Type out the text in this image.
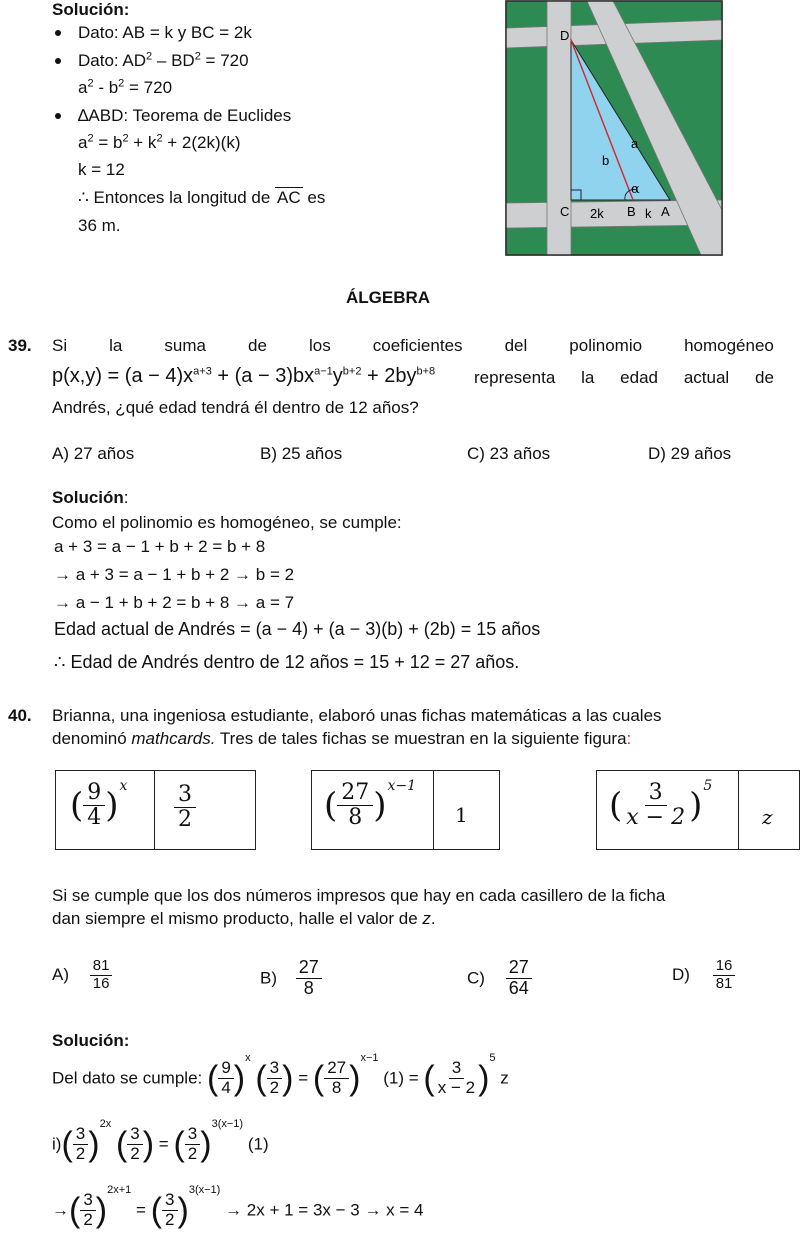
Solución:
Dato: AB = k y BC = 2k
Dato: $AD^2 - BD^2 = 720$
$a^2 - b^2 = 720$
∆ABD: Teorema de Euclides
$a^2 = b^2 + k^2 + 2(2k)(k)$
k = 12
∴ Entonces la longitud de AC es
36 m.
D
a
b
α
C 2k B k A
ÁLGEBRA
39. Si la suma de los coeficientes del polinomio homogéneo
$p(x,y) = (a - 4)x^{a+3} + (a - 3)bx^{a-1}y^{b+2} + 2by^{b+8}$ representa la edad actual de
Andrés, ¿qué edad tendrá él dentro de 12 años?
A) 27 años	B) 25 años	C) 23 años	D) 29 años
Solución:
Como el polinomio es homogéneo, se cumple:
a + 3 = a − 1 + b + 2 = b + 8
→ a + 3 = a − 1 + b + 2 → b = 2
→ a − 1 + b + 2 = b + 8 → a = 7
Edad actual de Andrés = (a − 4) + (a − 3)(b) + (2b) = 15 años
∴ Edad de Andrés dentro de 12 años = 15 + 12 = 27 años.
40. Brianna, una ingeniosa estudiante, elaboró unas fichas matemáticas a las cuales
denominó mathcards. Tres de tales fichas se muestran en la siguiente figura:
( $\frac{9}{4} )^x \frac{3}{2}$	( $\frac{27}{8} )^{x-1}$
1	( $\frac{3}{x - 2} )^5$
z
Si se cumple que los dos números impresos que hay en cada casillero de la ficha
dan siempre el mismo producto, halle el valor de z.
$A) \frac{81}{16}$	$B) \frac{27}{8}$	$C) \frac{27}{64}$	$D) \frac{16}{81}$
Solución:
Del dato se cumple: ( $\frac{9}{4} )^x$ ( $\frac{3}{2}$ ) = ( $\frac{27}{8} )^{x-1}$ (1) = ( $\frac{3}{x - 2} )^5$ z
$i)( \frac{3}{2} )^{2x}$ ( $\frac{3}{2}$ ) = ( $\frac{3}{2} )^{3(x-1)}$ (1)
→( $\frac{3}{2} )^{2x+1}$ = ( $\frac{3}{2} )^{3(x-1)} \to 2x + 1 = 3x - 3 \to x = 4$
